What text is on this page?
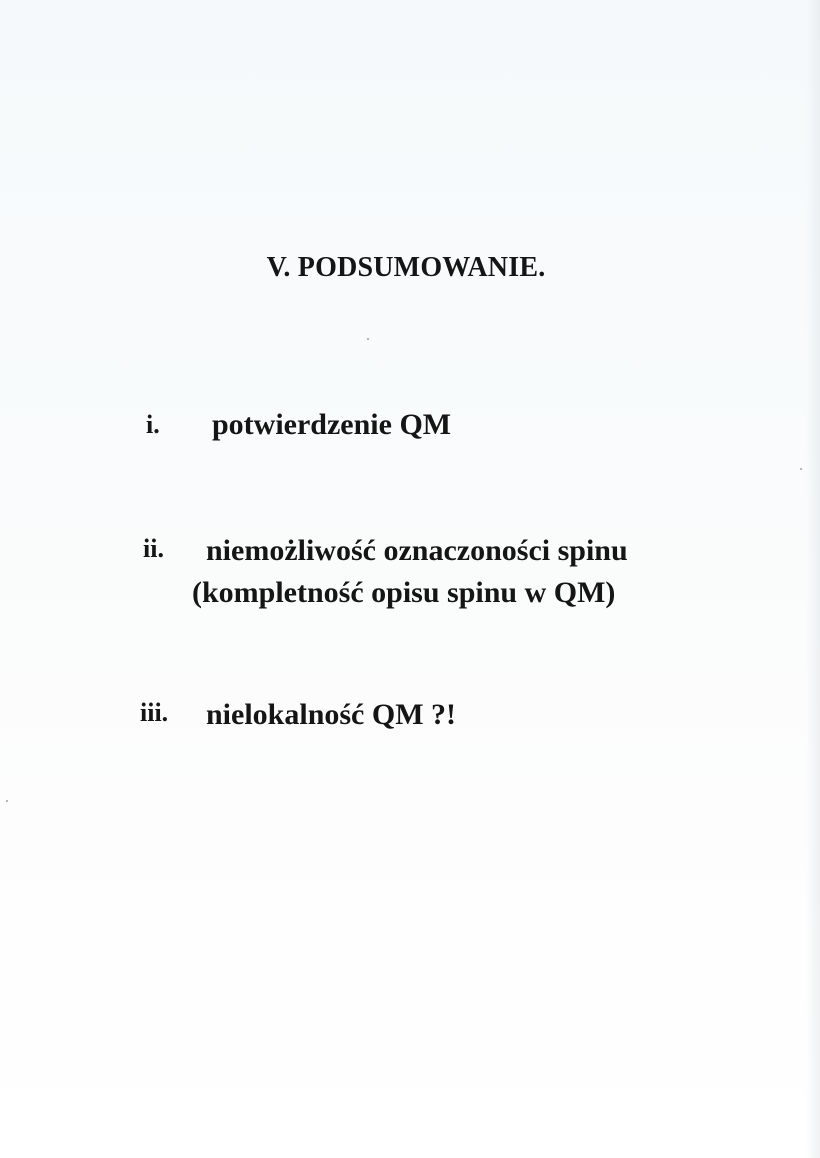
V. PODSUMOWANIE.
i. potwierdzenie QM
ii. niemożliwość oznaczoności spinu
(kompletność opisu spinu w QM)
iii. nielokalność QM ?!
